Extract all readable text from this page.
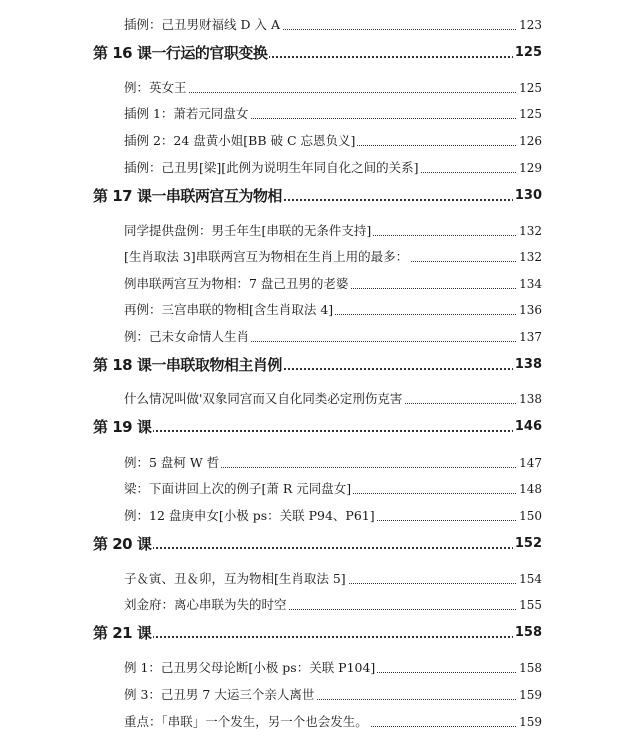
插例：己丑男财福线 D 入 A	123
第 16 课一行运的官职变换	125
例：英女王	125
插例 1：萧若元同盘女	125
插例 2：24 盘黄小姐[BB 破 C 忘恩负义]	126
插例：己丑男[梁][此例为说明生年同自化之间的关系]	129
第 17 课一串联两宫互为物相	130
同学提供盘例：男壬年生[串联的无条件支持]	132
[生肖取法 3]串联两宫互为物相在生肖上用的最多：	132
例串联两宫互为物相：7 盘己丑男的老婆	134
再例：三宫串联的物相[含生肖取法 4]	136
例：己未女命情人生肖	137
第 18 课一串联取物相主肖例	138
什么情况叫做'双象同宫而又自化同类必定刑伤克害	138
第 19 课	146
例：5 盘柯 W 哲	147
梁：下面讲回上次的例子[萧 R 元同盘女]	148
例：12 盘庚申女[小极 ps：关联 P94、P61]	150
第 20 课	152
子＆寅、丑＆卯，互为物相[生肖取法 5]	154
刘金府：离心串联为失的时空	155
第 21 课	158
例 1：己丑男父母论断[小极 ps：关联 P104]	158
例 3：己丑男 7 大运三个亲人离世	159
重点：「串联」一个发生，另一个也会发生。	159
